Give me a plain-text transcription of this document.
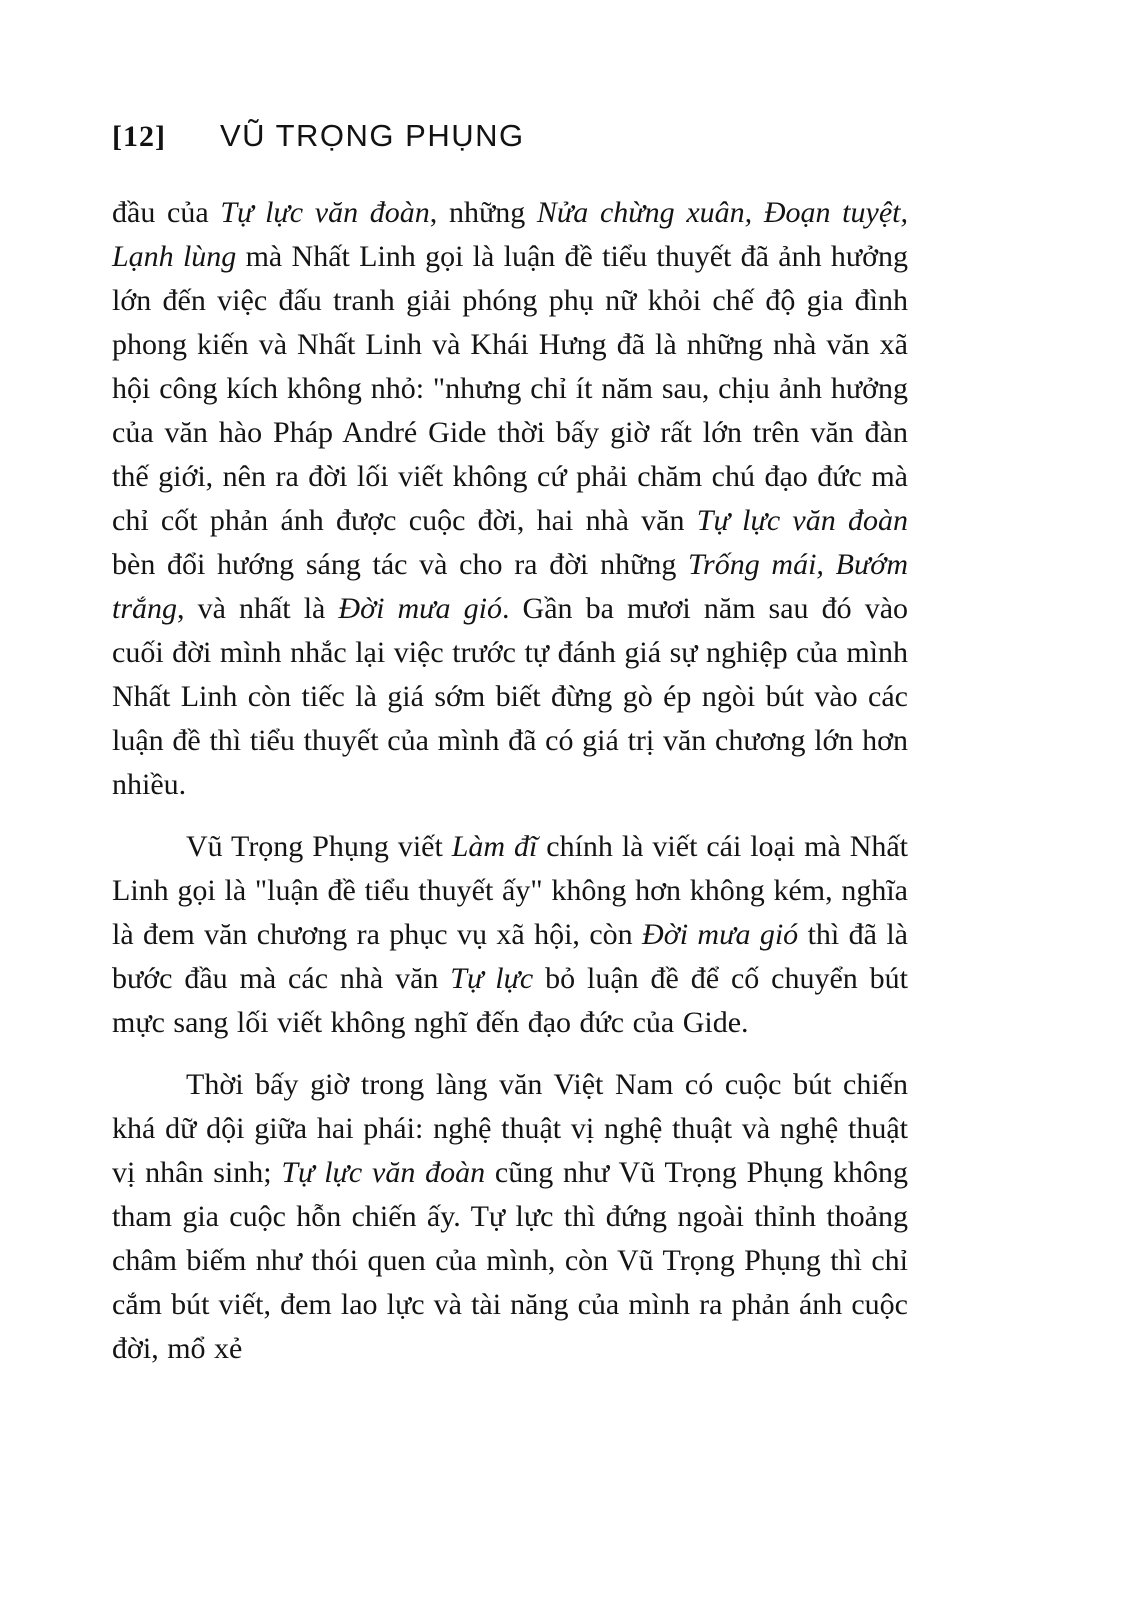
[12] VŨ TRỌNG PHỤNG

đầu của Tự lực văn đoàn, những Nửa chừng xuân, Đoạn tuyệt, Lạnh lùng mà Nhất Linh gọi là luận đề tiểu thuyết đã ảnh hưởng lớn đến việc đấu tranh giải phóng phụ nữ khỏi chế độ gia đình phong kiến và Nhất Linh và Khái Hưng đã là những nhà văn xã hội công kích không nhỏ: "nhưng chỉ ít năm sau, chịu ảnh hưởng của văn hào Pháp André Gide thời bấy giờ rất lớn trên văn đàn thế giới, nên ra đời lối viết không cứ phải chăm chú đạo đức mà chỉ cốt phản ánh được cuộc đời, hai nhà văn Tự lực văn đoàn bèn đổi hướng sáng tác và cho ra đời những Trống mái, Bướm trắng, và nhất là Đời mưa gió. Gần ba mươi năm sau đó vào cuối đời mình nhắc lại việc trước tự đánh giá sự nghiệp của mình Nhất Linh còn tiếc là giá sớm biết đừng gò ép ngòi bút vào các luận đề thì tiểu thuyết của mình đã có giá trị văn chương lớn hơn nhiều.

Vũ Trọng Phụng viết Làm đĩ chính là viết cái loại mà Nhất Linh gọi là "luận đề tiểu thuyết ấy" không hơn không kém, nghĩa là đem văn chương ra phục vụ xã hội, còn Đời mưa gió thì đã là bước đầu mà các nhà văn Tự lực bỏ luận đề để cố chuyển bút mực sang lối viết không nghĩ đến đạo đức của Gide.

Thời bấy giờ trong làng văn Việt Nam có cuộc bút chiến khá dữ dội giữa hai phái: nghệ thuật vị nghệ thuật và nghệ thuật vị nhân sinh; Tự lực văn đoàn cũng như Vũ Trọng Phụng không tham gia cuộc hỗn chiến ấy. Tự lực thì đứng ngoài thỉnh thoảng châm biếm như thói quen của mình, còn Vũ Trọng Phụng thì chỉ cắm bút viết, đem lao lực và tài năng của mình ra phản ánh cuộc đời, mổ xẻ
